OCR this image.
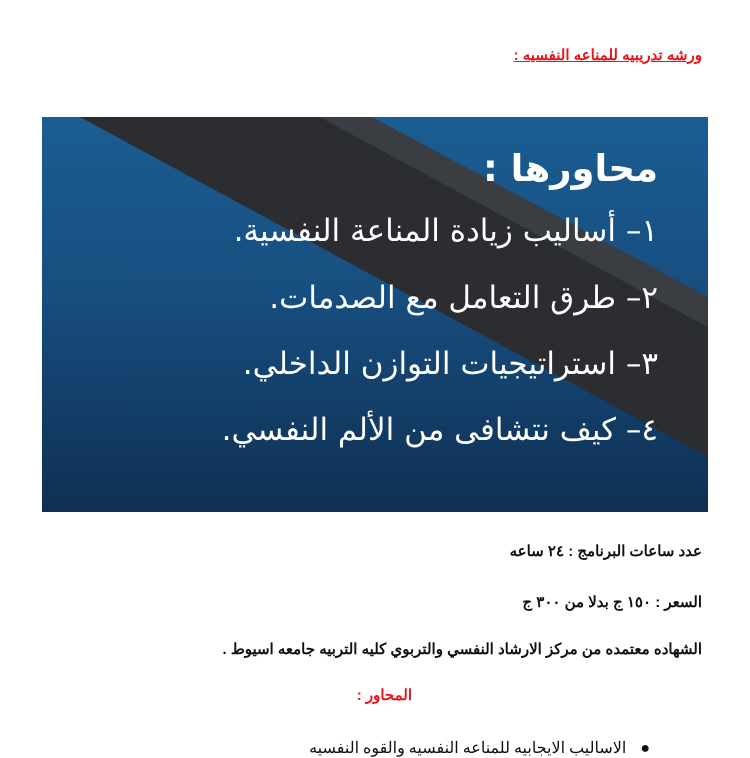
ورشه تدريبيه للمناعه النفسيه :
محاورها :
١– أساليب زيادة المناعة النفسية.
٢– طرق التعامل مع الصدمات.
٣– استراتيجيات التوازن الداخلي.
٤– كيف نتشافى من الألم النفسي.
عدد ساعات البرنامج : ٢٤ ساعه
السعر : ١٥٠ ج بدلا من ٣٠٠ ج
الشهاده معتمده من مركز الارشاد النفسي والتربوي كليه التربيه جامعه اسيوط .
المحاور :
● الاساليب الايجابيه للمناعه النفسيه والقوه النفسيه
